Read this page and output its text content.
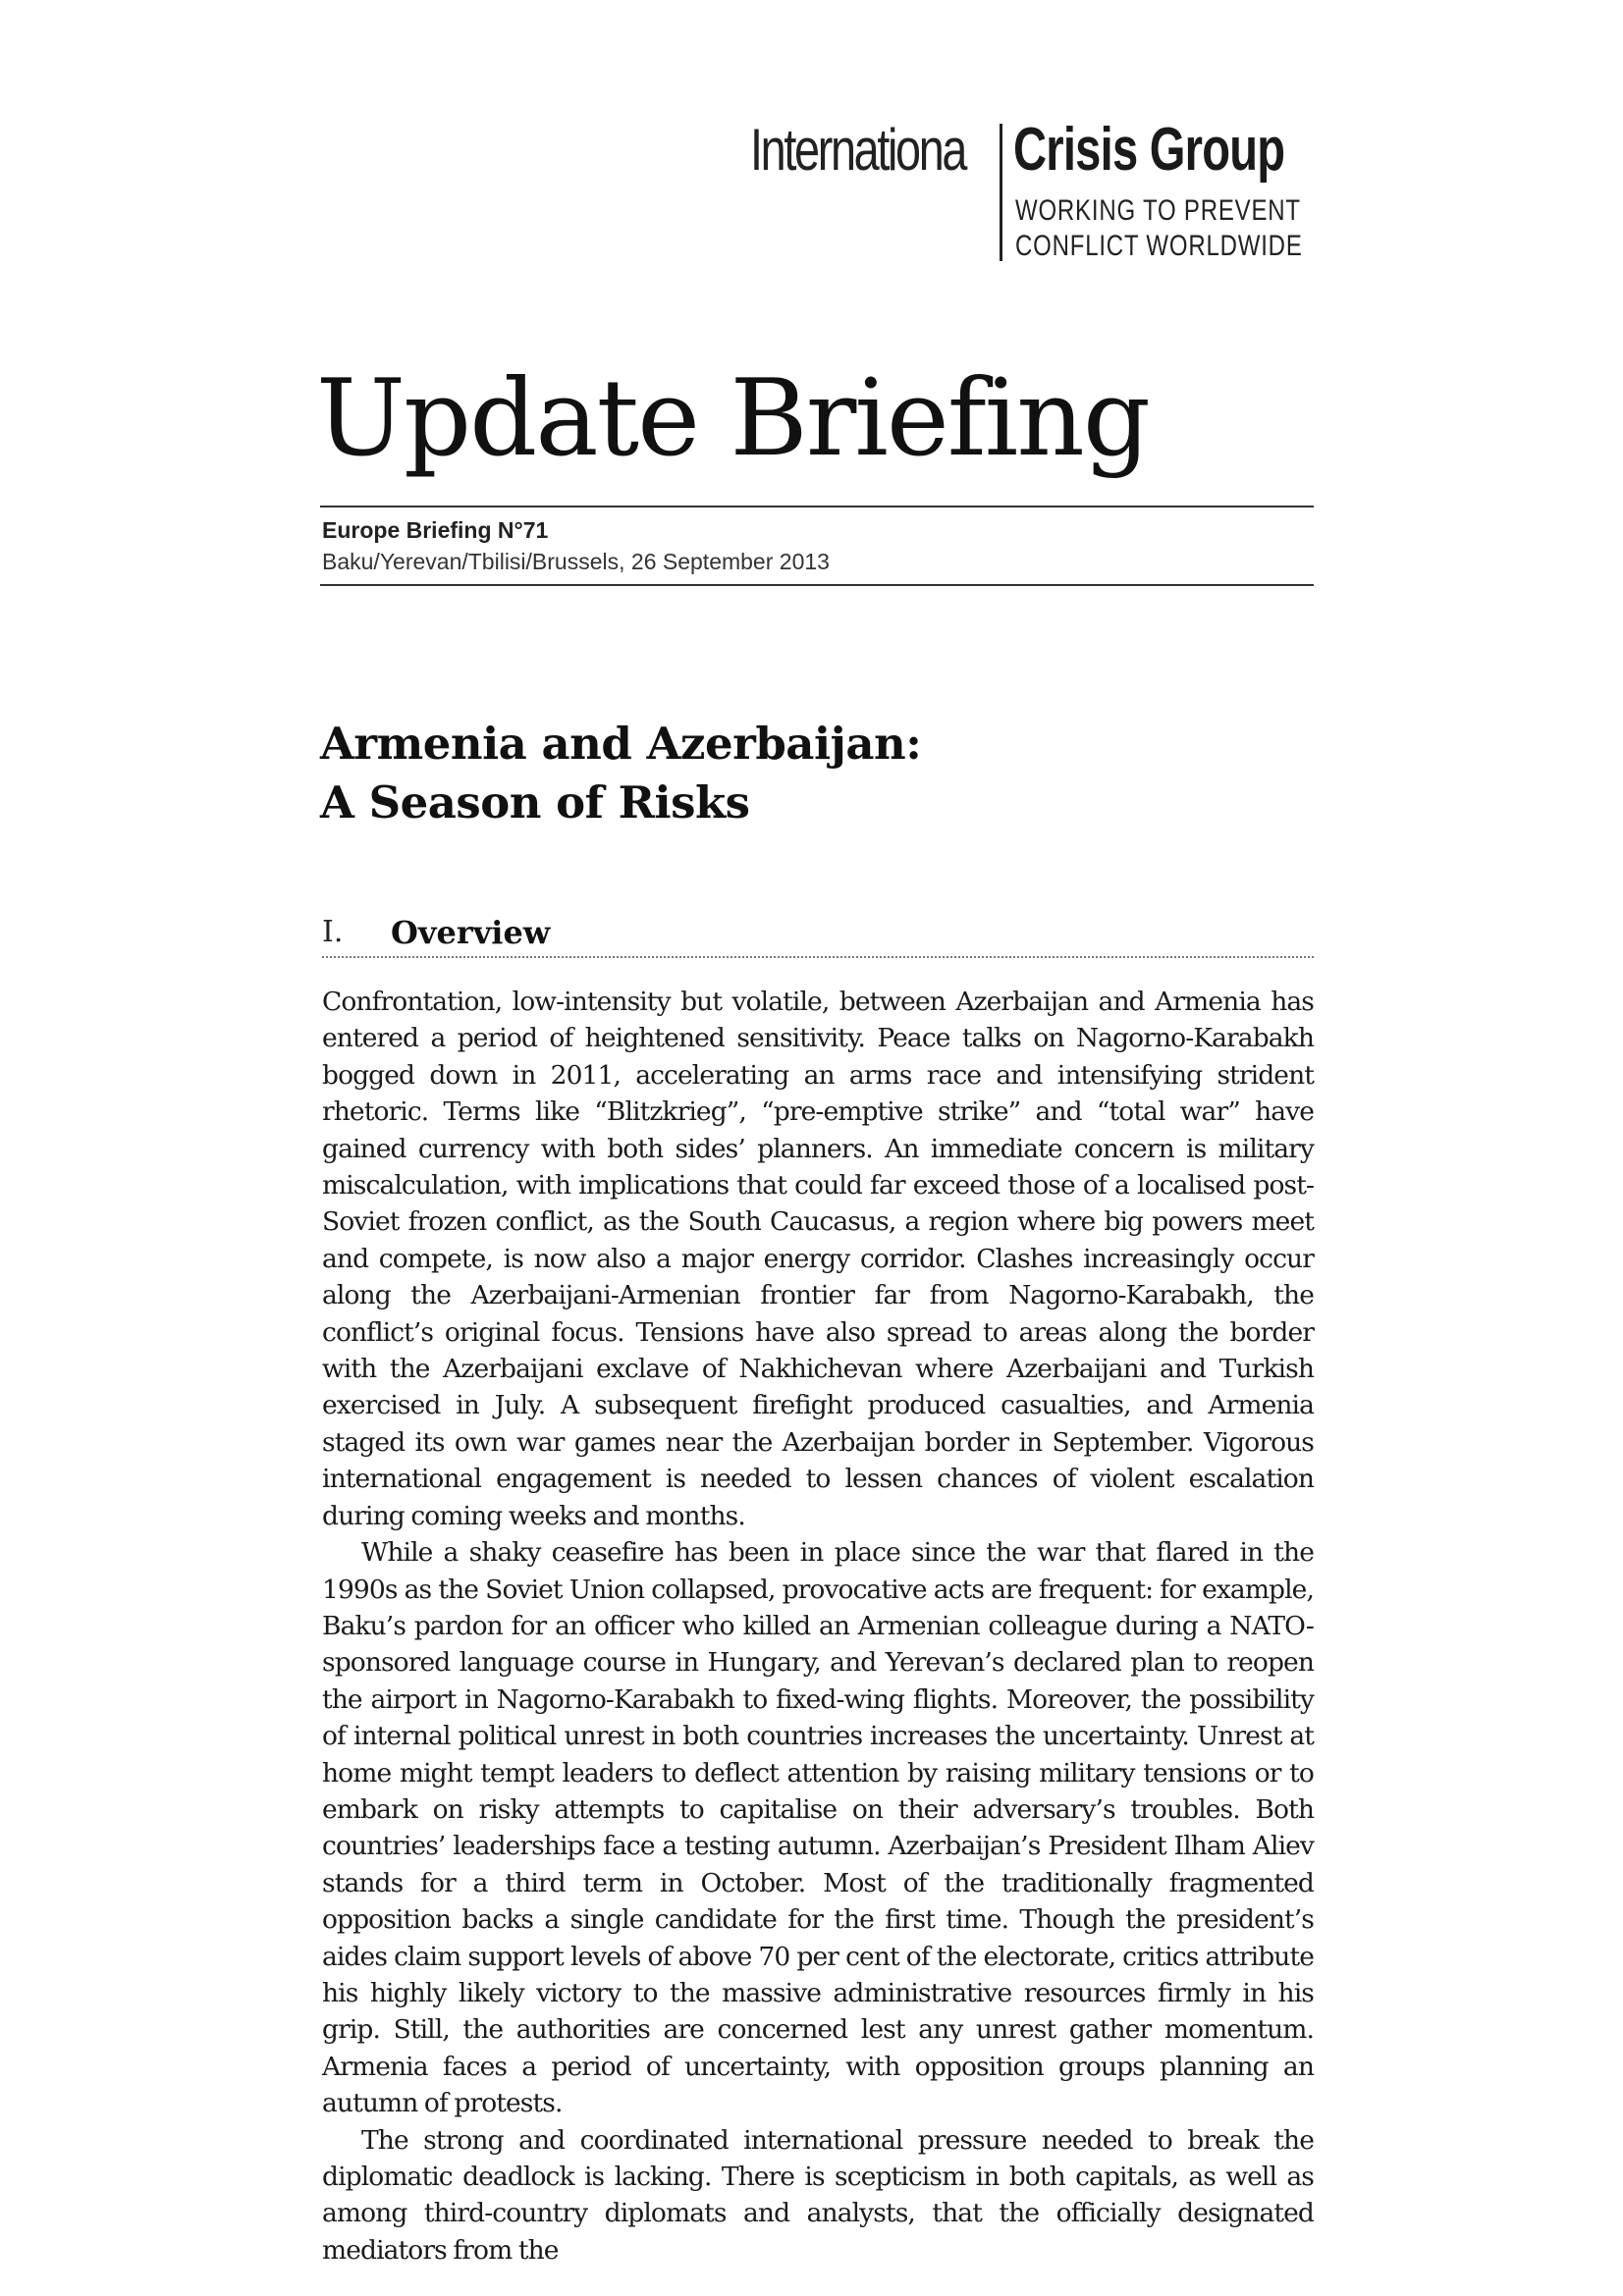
Internationa Crisis Group
WORKING TO PREVENT
CONFLICT WORLDWIDE
Update Briefing
Europe Briefing N°71
Baku/Yerevan/Tbilisi/Brussels, 26 September 2013
Armenia and Azerbaijan:
A Season of Risks
I. Overview

Confrontation, low-intensity but volatile, between Azerbaijan and Armenia has entered a period of heightened sensitivity. Peace talks on Nagorno-Karabakh bogged down in 2011, accelerating an arms race and intensifying strident rhetoric. Terms like “Blitzkrieg”, “pre-emptive strike” and “total war” have gained currency with both sides’ planners. An immediate concern is military miscalculation, with implications that could far exceed those of a localised post-Soviet frozen conflict, as the South Caucasus, a region where big powers meet and compete, is now also a major energy corridor. Clashes increasingly occur along the Azerbaijani-Armenian frontier far from Nagorno-Karabakh, the conflict’s original focus. Tensions have also spread to areas along the border with the Azerbaijani exclave of Nakhichevan where Azerbaijani and Turkish exercised in July. A subsequent firefight produced casualties, and Armenia staged its own war games near the Azerbaijan border in September. Vigorous international engagement is needed to lessen chances of violent escalation during coming weeks and months.

While a shaky ceasefire has been in place since the war that flared in the 1990s as the Soviet Union collapsed, provocative acts are frequent: for example, Baku’s pardon for an officer who killed an Armenian colleague during a NATO-sponsored language course in Hungary, and Yerevan’s declared plan to reopen the airport in Nagorno-Karabakh to fixed-wing flights. Moreover, the possibility of internal political unrest in both countries increases the uncertainty. Unrest at home might tempt leaders to deflect attention by raising military tensions or to embark on risky attempts to capitalise on their adversary’s troubles. Both countries’ leaderships face a testing autumn. Azerbaijan’s President Ilham Aliev stands for a third term in October. Most of the traditionally fragmented opposition backs a single candidate for the first time. Though the president’s aides claim support levels of above 70 per cent of the electorate, critics attribute his highly likely victory to the massive administrative resources firmly in his grip. Still, the authorities are concerned lest any unrest gather momentum. Armenia faces a period of uncertainty, with opposition groups planning an autumn of protests.

The strong and coordinated international pressure needed to break the diplomatic deadlock is lacking. There is scepticism in both capitals, as well as among third-country diplomats and analysts, that the officially designated mediators from the
